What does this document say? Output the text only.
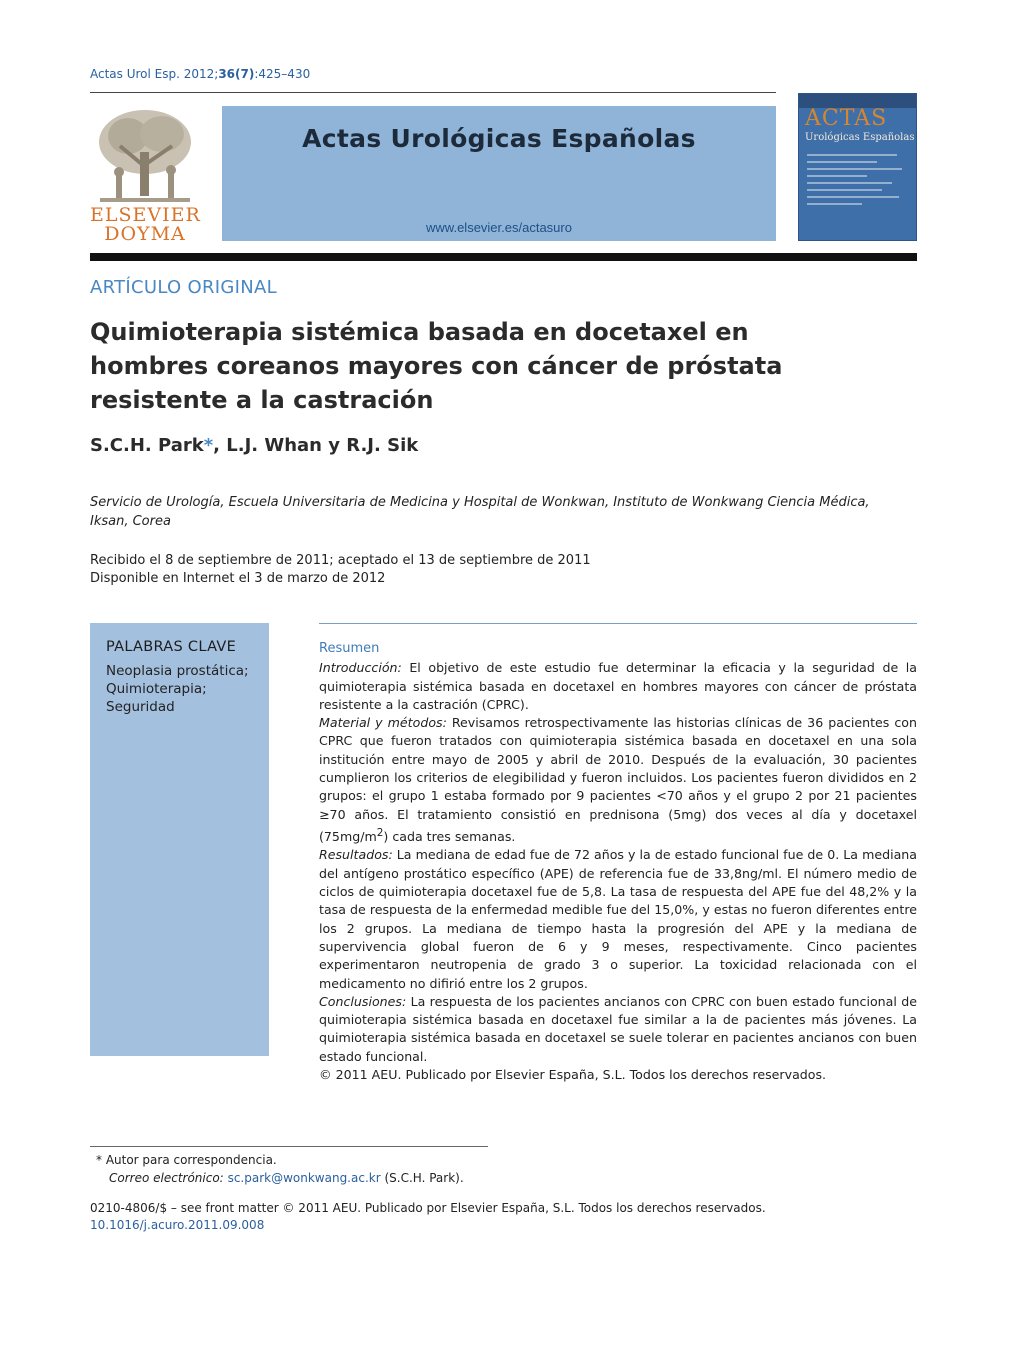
Actas Urol Esp. 2012;36(7):425–430
ELSEVIER
DOYMA
Actas Urológicas Españolas
www.elsevier.es/actasuro
ACTAS
Urológicas Españolas
ARTÍCULO ORIGINAL
Quimioterapia sistémica basada en docetaxel en hombres coreanos mayores con cáncer de próstata resistente a la castración
S.C.H. Park*, L.J. Whan y R.J. Sik
Servicio de Urología, Escuela Universitaria de Medicina y Hospital de Wonkwan, Instituto de Wonkwang Ciencia Médica, Iksan, Corea
Recibido el 8 de septiembre de 2011; aceptado el 13 de septiembre de 2011
Disponible en Internet el 3 de marzo de 2012
PALABRAS CLAVE
Neoplasia prostática;
Quimioterapia;
Seguridad
Resumen

Introducción: El objetivo de este estudio fue determinar la eficacia y la seguridad de la quimioterapia sistémica basada en docetaxel en hombres mayores con cáncer de próstata resistente a la castración (CPRC).

Material y métodos: Revisamos retrospectivamente las historias clínicas de 36 pacientes con CPRC que fueron tratados con quimioterapia sistémica basada en docetaxel en una sola institución entre mayo de 2005 y abril de 2010. Después de la evaluación, 30 pacientes cumplieron los criterios de elegibilidad y fueron incluidos. Los pacientes fueron divididos en 2 grupos: el grupo 1 estaba formado por 9 pacientes <70 años y el grupo 2 por 21 pacientes ≥70 años. El tratamiento consistió en prednisona (5mg) dos veces al día y docetaxel $(75mg/m^2)$ cada tres semanas.

Resultados: La mediana de edad fue de 72 años y la de estado funcional fue de 0. La mediana del antígeno prostático específico (APE) de referencia fue de 33,8ng/ml. El número medio de ciclos de quimioterapia docetaxel fue de 5,8. La tasa de respuesta del APE fue del 48,2% y la tasa de respuesta de la enfermedad medible fue del 15,0%, y estas no fueron diferentes entre los 2 grupos. La mediana de tiempo hasta la progresión del APE y la mediana de supervivencia global fueron de 6 y 9 meses, respectivamente. Cinco pacientes experimentaron neutropenia de grado 3 o superior. La toxicidad relacionada con el medicamento no difirió entre los 2 grupos.

Conclusiones: La respuesta de los pacientes ancianos con CPRC con buen estado funcional de quimioterapia sistémica basada en docetaxel fue similar a la de pacientes más jóvenes. La quimioterapia sistémica basada en docetaxel se suele tolerar en pacientes ancianos con buen estado funcional.

© 2011 AEU. Publicado por Elsevier España, S.L. Todos los derechos reservados.

* Autor para correspondencia.
Correo electrónico: sc.park@wonkwang.ac.kr (S.C.H. Park).
0210-4806/$ – see front matter © 2011 AEU. Publicado por Elsevier España, S.L. Todos los derechos reservados.
10.1016/j.acuro.2011.09.008
